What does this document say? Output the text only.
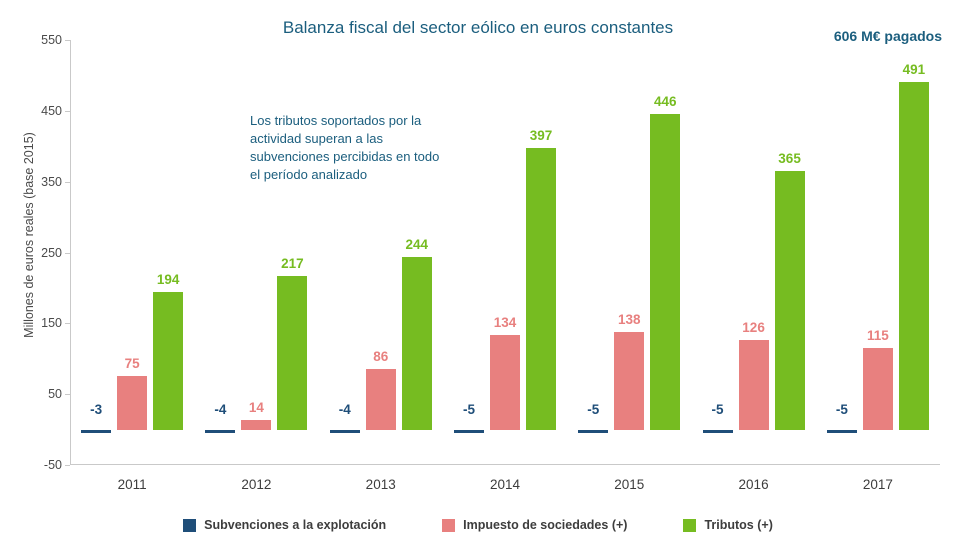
Balanza fiscal del sector eólico en euros constantes	606 M€ pagados
Millones de euros reales (base 2015)
Los tributos soportados por la actividad superan a las subvenciones percibidas en todo el período analizado
-50
50
150
250
350
450
550
2011
-3
75
194
2012
-4 14
217
2013
-4
86
244
2014
-5
134
397
2015
-5
138
446
2016
-5
126
365
2017
-5
115
491
Subvenciones a la explotación	Impuesto de sociedades (+)	Tributos (+)
